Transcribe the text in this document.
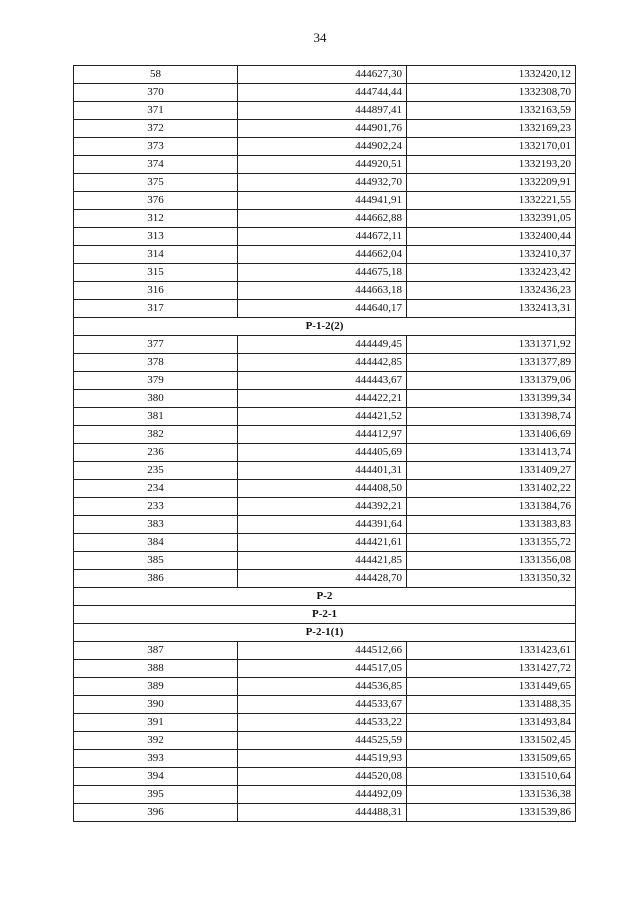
34
58	444627,30	1332420,12
370	444744,44	1332308,70
371	444897,41	1332163,59
372	444901,76	1332169,23
373	444902,24	1332170,01
374	444920,51	1332193,20
375	444932,70	1332209,91
376	444941,91	1332221,55
312	444662,88	1332391,05
313	444672,11	1332400,44
314	444662,04	1332410,37
315	444675,18	1332423,42
316	444663,18	1332436,23
317	444640,17	1332413,31
Р-1-2(2)		
377	444449,45	1331371,92
378	444442,85	1331377,89
379	444443,67	1331379,06
380	444422,21	1331399,34
381	444421,52	1331398,74
382	444412,97	1331406,69
236	444405,69	1331413,74
235	444401,31	1331409,27
234	444408,50	1331402,22
233	444392,21	1331384,76
383	444391,64	1331383,83
384	444421,61	1331355,72
385	444421,85	1331356,08
386	444428,70	1331350,32
Р-2		
Р-2-1		
Р-2-1(1)		
387	444512,66	1331423,61
388	444517,05	1331427,72
389	444536,85	1331449,65
390	444533,67	1331488,35
391	444533,22	1331493,84
392	444525,59	1331502,45
393	444519,93	1331509,65
394	444520,08	1331510,64
395	444492,09	1331536,38
396	444488,31	1331539,86
